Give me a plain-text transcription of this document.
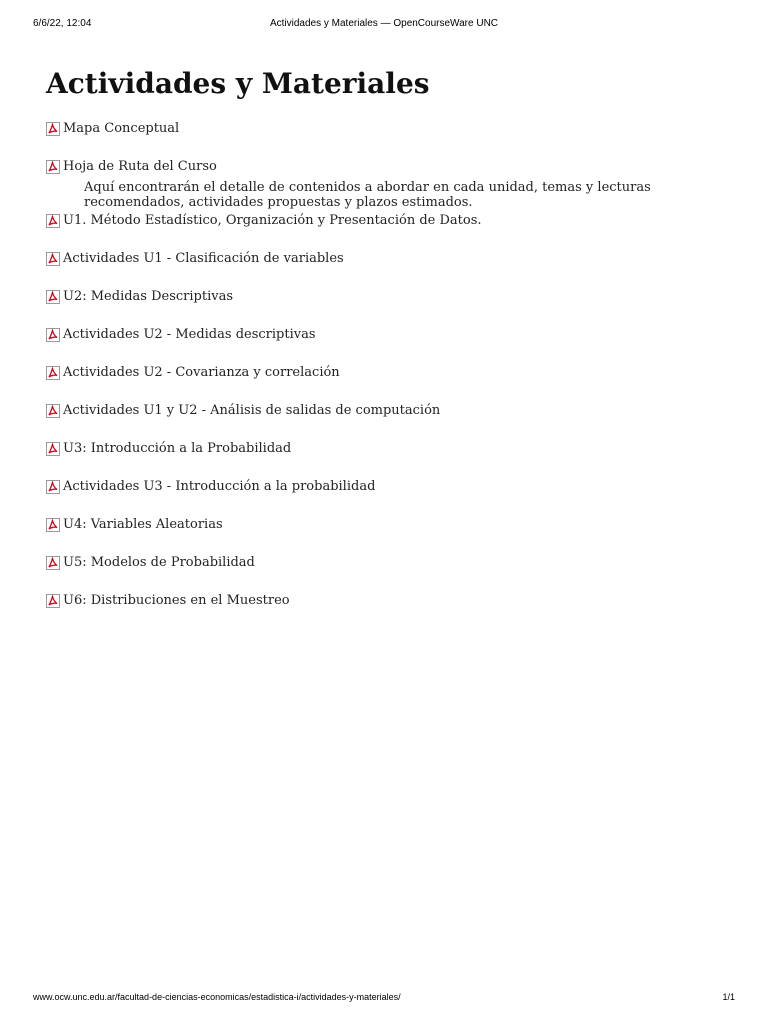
6/6/22, 12:04	Actividades y Materiales — OpenCourseWare UNC
Actividades y Materiales
Mapa Conceptual
Hoja de Ruta del Curso
Aquí encontrarán el detalle de contenidos a abordar en cada unidad, temas y lecturas recomendados, actividades propuestas y plazos estimados.
U1. Método Estadístico, Organización y Presentación de Datos.
Actividades U1 - Clasificación de variables
U2: Medidas Descriptivas
Actividades U2 - Medidas descriptivas
Actividades U2 - Covarianza y correlación
Actividades U1 y U2 - Análisis de salidas de computación
U3: Introducción a la Probabilidad
Actividades U3 - Introducción a la probabilidad
U4: Variables Aleatorias
U5: Modelos de Probabilidad
U6: Distribuciones en el Muestreo
www.ocw.unc.edu.ar/facultad-de-ciencias-economicas/estadistica-i/actividades-y-materiales/	1/1
